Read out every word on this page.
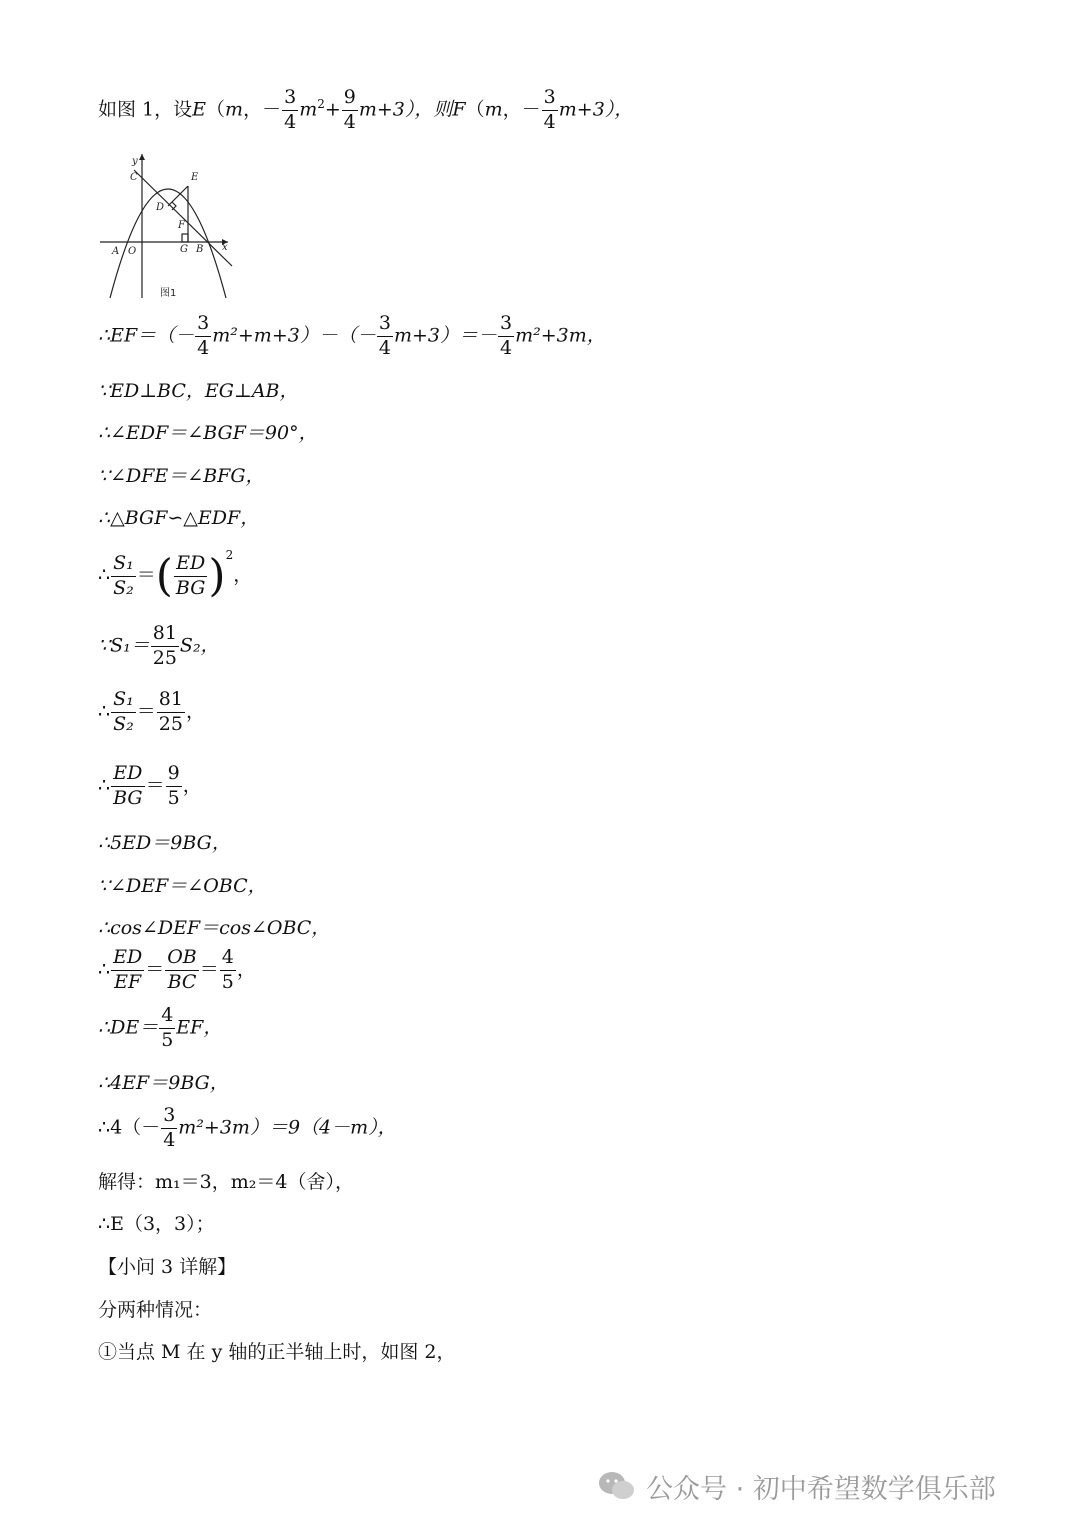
如图 1，设E（m，－ $\frac{3}{4} m^2+ \frac{9}{4} m+3$），则F（m，－ $\frac{3}{4} m+3$），
y
C	E
D
F
A O	G B x
图1
∴EF＝（－ $\frac{3}{4} m^2+m+3)-(- \frac{3}{4} m+3)=- \frac{3}{4} m^2+3m$，
∵ED⊥BC，EG⊥AB，
∴∠EDF＝∠BGF＝90°，
∵∠DFE＝∠BFG，
∴△BGF∽△EDF，
∴ $\frac{\text{S₁}}{\text{S₂}}$ ＝( $\frac{ED}{BG} )^2$，
∵S₁＝ $\frac{81}{25} S_2$，
∴ $\frac{\text{S₁}}{\text{S₂}} = \frac{81}{25}$ ，
∴ $\frac{ED}{BG} = \frac{9}{5}$ ，
∴5ED＝9BG，
∵∠DEF＝∠OBC，
∴cos∠DEF＝cos∠OBC，
∴ $\frac{ED}{EF} = \frac{OB}{BC} = \frac{4}{5}$ ，
∴DE＝ $\frac{4}{5}$ EF，
∴4EF＝9BG，
∴4（－ $\frac{3}{4} m^2+3m)=9(4-m)$，
解得：m₁＝3，m₂＝4（舍），
∴E（3，3）；
【小问 3 详解】
分两种情况：
①当点 M 在 y 轴的正半轴上时，如图 2，
公众号 · 初中希望数学俱乐部
